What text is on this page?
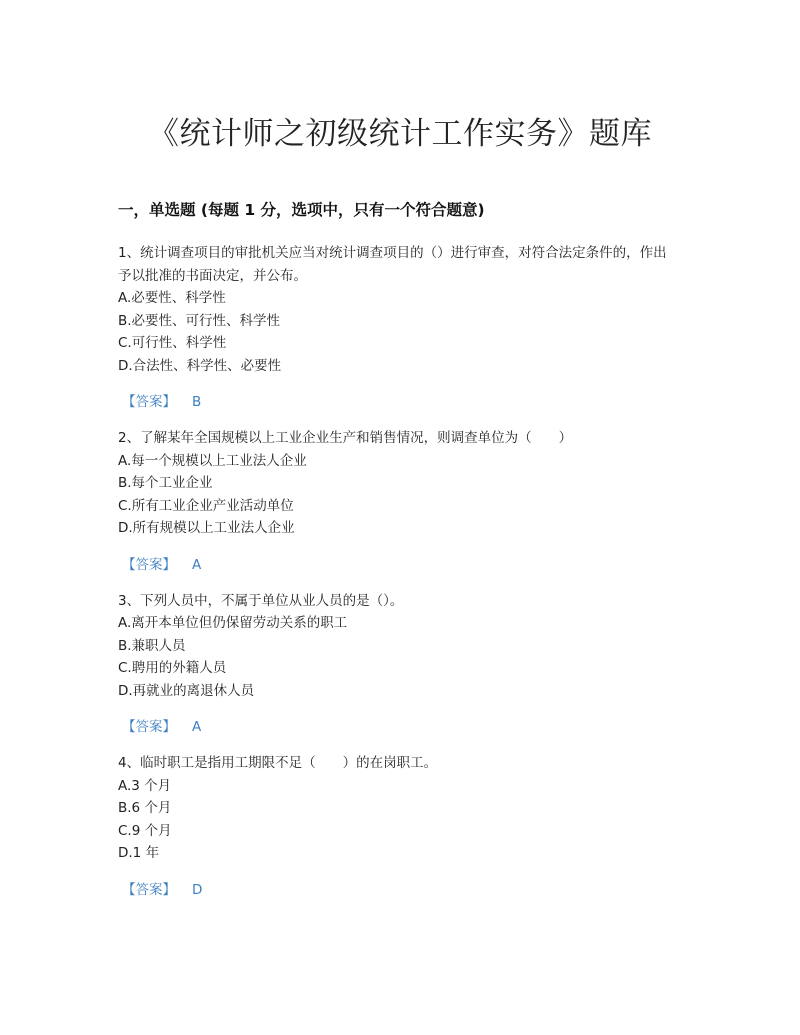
《统计师之初级统计工作实务》题库
一，单选题 (每题 1 分，选项中，只有一个符合题意)
1、统计调查项目的审批机关应当对统计调查项目的（）进行审查，对符合法定条件的，作出予以批准的书面决定，并公布。
A.必要性、科学性
B.必要性、可行性、科学性
C.可行性、科学性
D.合法性、科学性、必要性
【答案】 B
2、了解某年全国规模以上工业企业生产和销售情况，则调查单位为（　　）
A.每一个规模以上工业法人企业
B.每个工业企业
C.所有工业企业产业活动单位
D.所有规模以上工业法人企业
【答案】 A
3、下列人员中，不属于单位从业人员的是（）。
A.离开本单位但仍保留劳动关系的职工
B.兼职人员
C.聘用的外籍人员
D.再就业的离退休人员
【答案】 A
4、临时职工是指用工期限不足（　　）的在岗职工。
A.3 个月
B.6 个月
C.9 个月
D.1 年
【答案】 D
